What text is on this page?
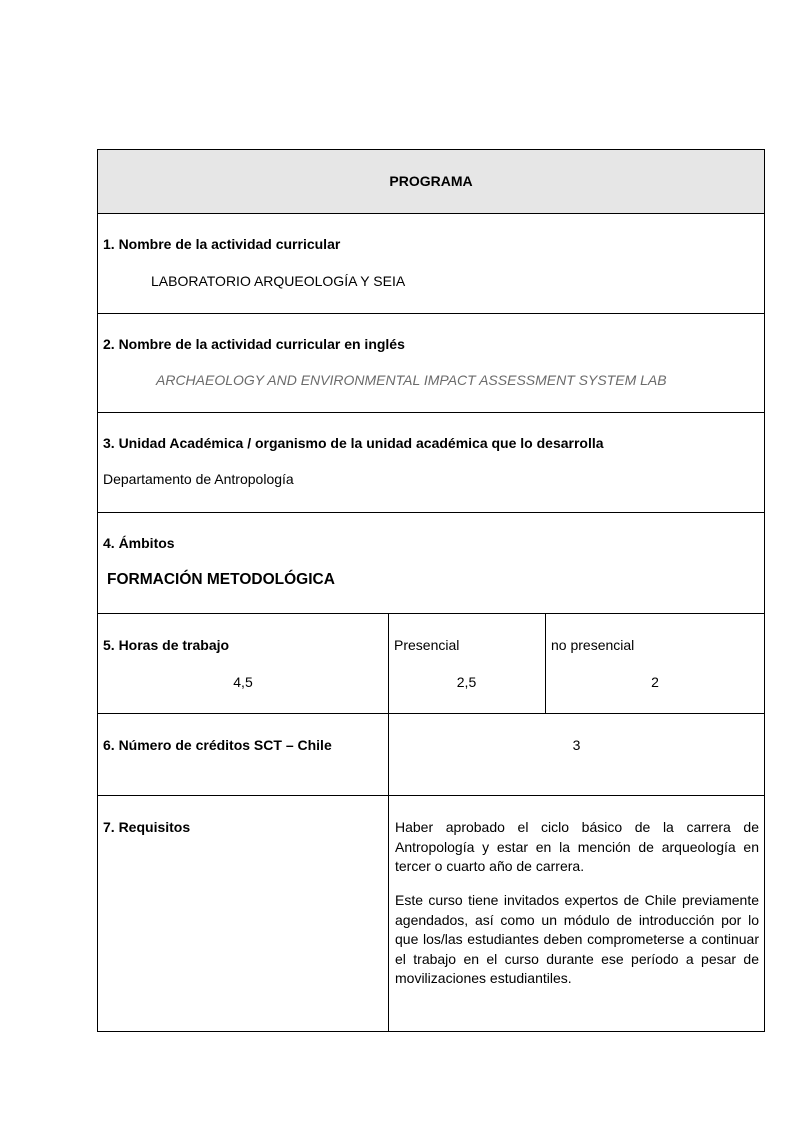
PROGRAMA
1. Nombre de la actividad curricular
LABORATORIO ARQUEOLOGÍA Y SEIA
2. Nombre de la actividad curricular en inglés
ARCHAEOLOGY AND ENVIRONMENTAL IMPACT ASSESSMENT SYSTEM LAB
3. Unidad Académica / organismo de la unidad académica que lo desarrolla
Departamento de Antropología
4. Ámbitos
FORMACIÓN METODOLÓGICA
5. Horas de trabajo
4,5
Presencial
2,5
no presencial
2
6. Número de créditos SCT – Chile	3
7. Requisitos	Haber aprobado el ciclo básico de la carrera de Antropología y estar en la mención de arqueología en tercer o cuarto año de carrera.
Este curso tiene invitados expertos de Chile previamente agendados, así como un módulo de introducción por lo que los/las estudiantes deben comprometerse a continuar el trabajo en el curso durante ese período a pesar de movilizaciones estudiantiles.
